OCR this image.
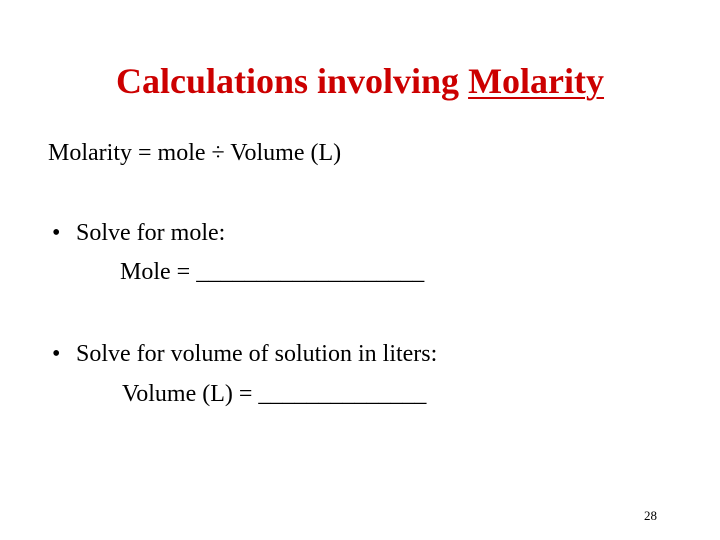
Calculations involving Molarity
Molarity = mole ÷ Volume (L)
• Solve for mole:
Mole = ___________________
• Solve for volume of solution in liters:
Volume (L) = ______________
28
